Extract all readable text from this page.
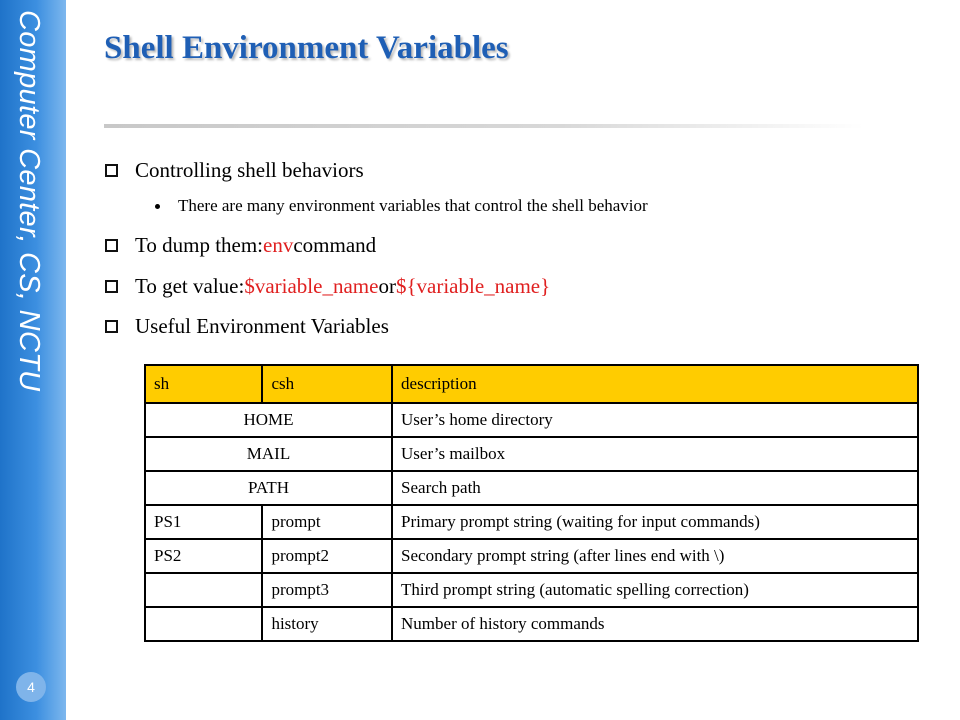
Computer Center, CS, NCTU
4
Shell Environment Variables
Controlling shell behaviors
There are many environment variables that control the shell behavior
To dump them: env command
To get value: $variable_name or ${variable_name}
Useful Environment Variables
sh	csh	description
HOME		User’s home directory
MAIL		User’s mailbox
PATH		Search path
PS1	prompt	Primary prompt string (waiting for input commands)
PS2	prompt2	Secondary prompt string (after lines end with \)
	prompt3	Third prompt string (automatic spelling correction)
	history	Number of history commands
